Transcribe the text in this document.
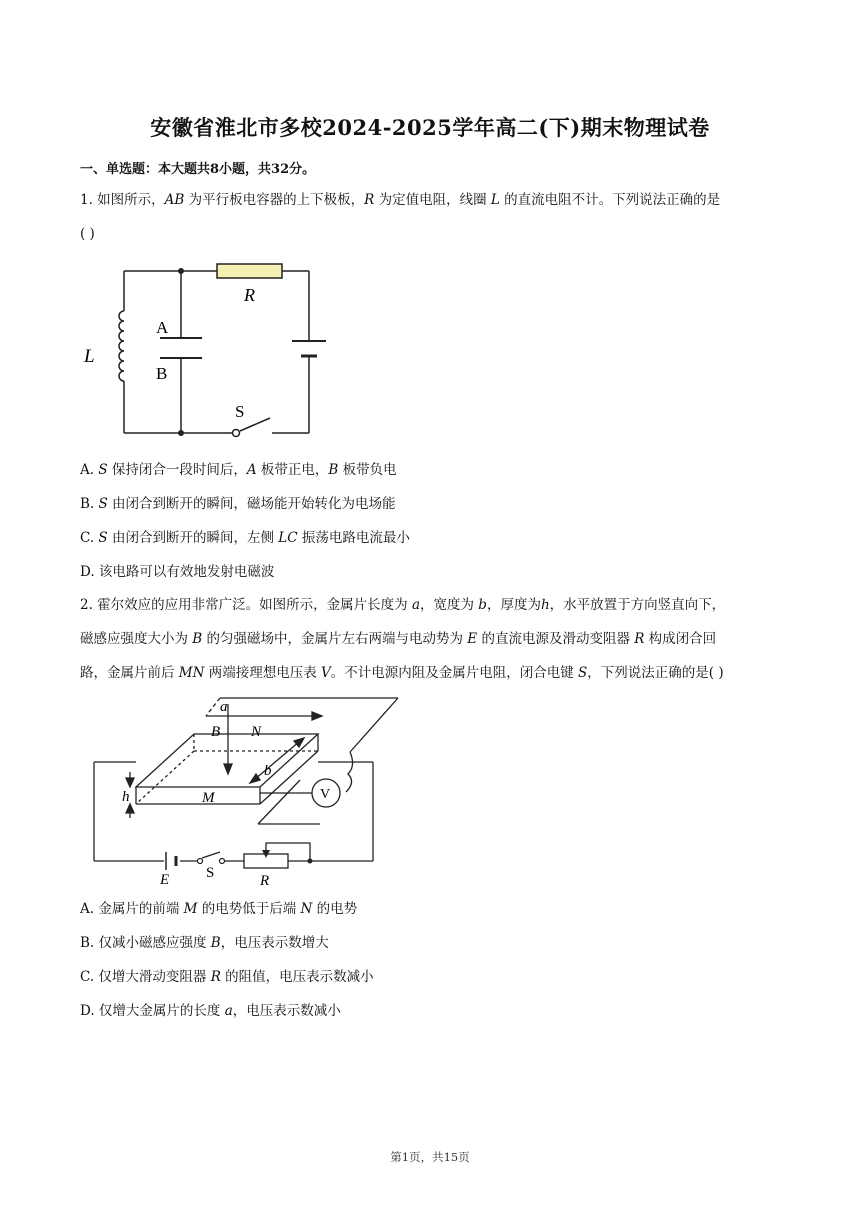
安徽省淮北市多校2024-2025学年高二(下)期末物理试卷
一、单选题：本大题共8小题，共32分。
1. 如图所示，𝐴𝐵 为平行板电容器的上下极板，𝑅 为定值电阻，线圈 𝐿 的直流电阻不计。下列说法正确的是
( )
L
A
B
R
S
A. 𝑆 保持闭合一段时间后，𝐴 板带正电，𝐵 板带负电
B. 𝑆 由闭合到断开的瞬间，磁场能开始转化为电场能
C. 𝑆 由闭合到断开的瞬间，左侧 𝐿𝐶 振荡电路电流最小
D. 该电路可以有效地发射电磁波
2. 霍尔效应的应用非常广泛。如图所示，金属片长度为 𝑎，宽度为 𝑏，厚度为ℎ，水平放置于方向竖直向下，
磁感应强度大小为 𝐵 的匀强磁场中，金属片左右两端与电动势为 𝐸 的直流电源及滑动变阻器 𝑅 构成闭合回
路，金属片前后 𝑀𝑁 两端接理想电压表 𝑉。不计电源内阻及金属片电阻，闭合电键 𝑆，下列说法正确的是( )
a
B N
b
h	M	V
E S	R
A. 金属片的前端 𝑀 的电势低于后端 𝑁 的电势
B. 仅减小磁感应强度 𝐵，电压表示数增大
C. 仅增大滑动变阻器 𝑅 的阻值，电压表示数减小
D. 仅增大金属片的长度 𝑎，电压表示数减小
第1页，共15页
